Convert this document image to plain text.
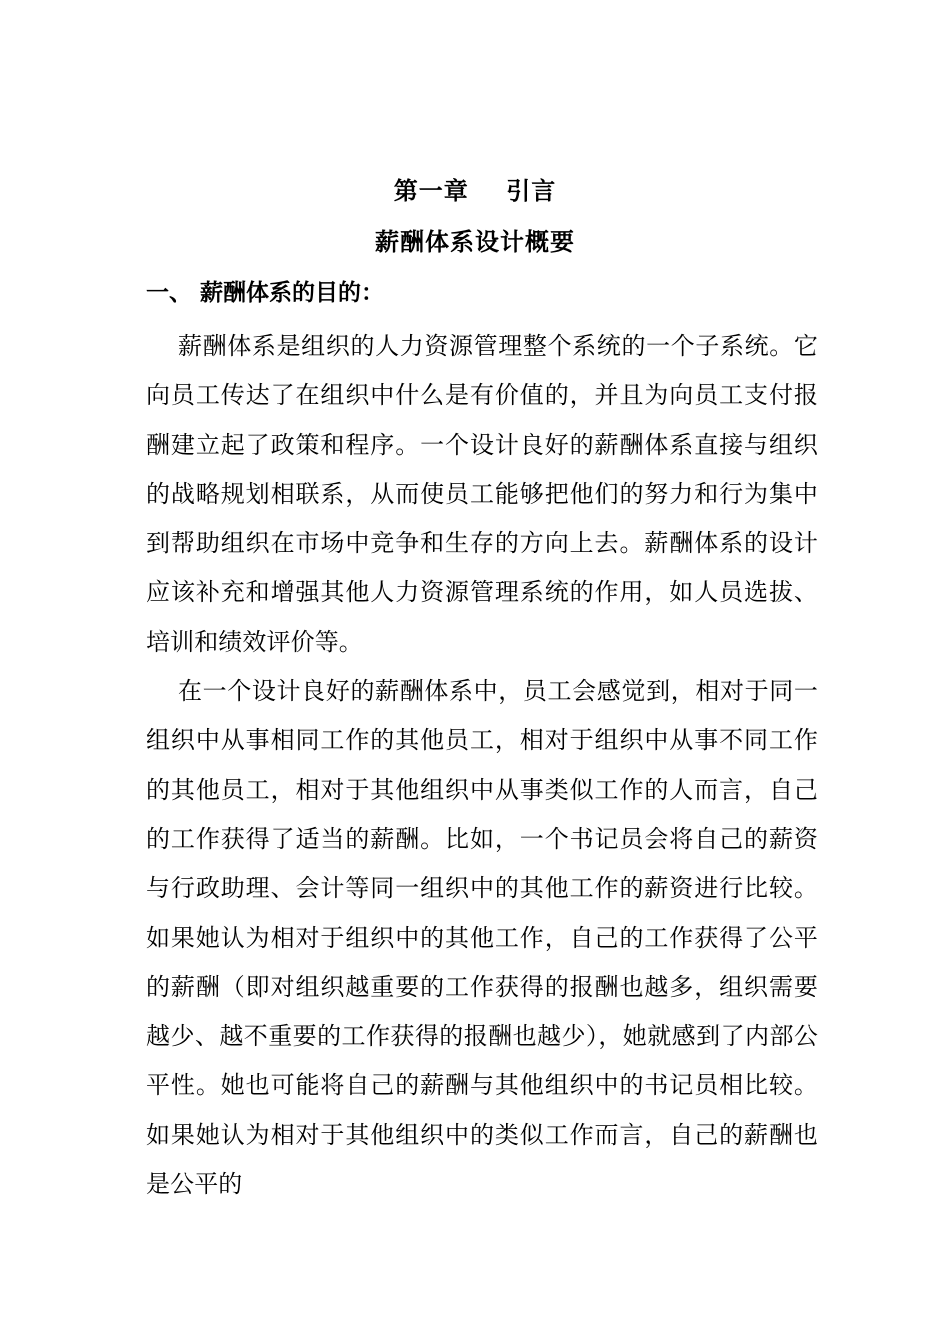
第一章    引言
薪酬体系设计概要
一、 薪酬体系的目的：

薪酬体系是组织的人力资源管理整个系统的一个子系统。它向员工传达了在组织中什么是有价值的，并且为向员工支付报酬建立起了政策和程序。一个设计良好的薪酬体系直接与组织的战略规划相联系，从而使员工能够把他们的努力和行为集中到帮助组织在市场中竞争和生存的方向上去。薪酬体系的设计应该补充和增强其他人力资源管理系统的作用，如人员选拔、培训和绩效评价等。

在一个设计良好的薪酬体系中，员工会感觉到，相对于同一组织中从事相同工作的其他员工，相对于组织中从事不同工作的其他员工，相对于其他组织中从事类似工作的人而言，自己的工作获得了适当的薪酬。比如，一个书记员会将自己的薪资与行政助理、会计等同一组织中的其他工作的薪资进行比较。如果她认为相对于组织中的其他工作，自己的工作获得了公平的薪酬（即对组织越重要的工作获得的报酬也越多，组织需要越少、越不重要的工作获得的报酬也越少），她就感到了内部公平性。她也可能将自己的薪酬与其他组织中的书记员相比较。如果她认为相对于其他组织中的类似工作而言，自己的薪酬也是公平的
